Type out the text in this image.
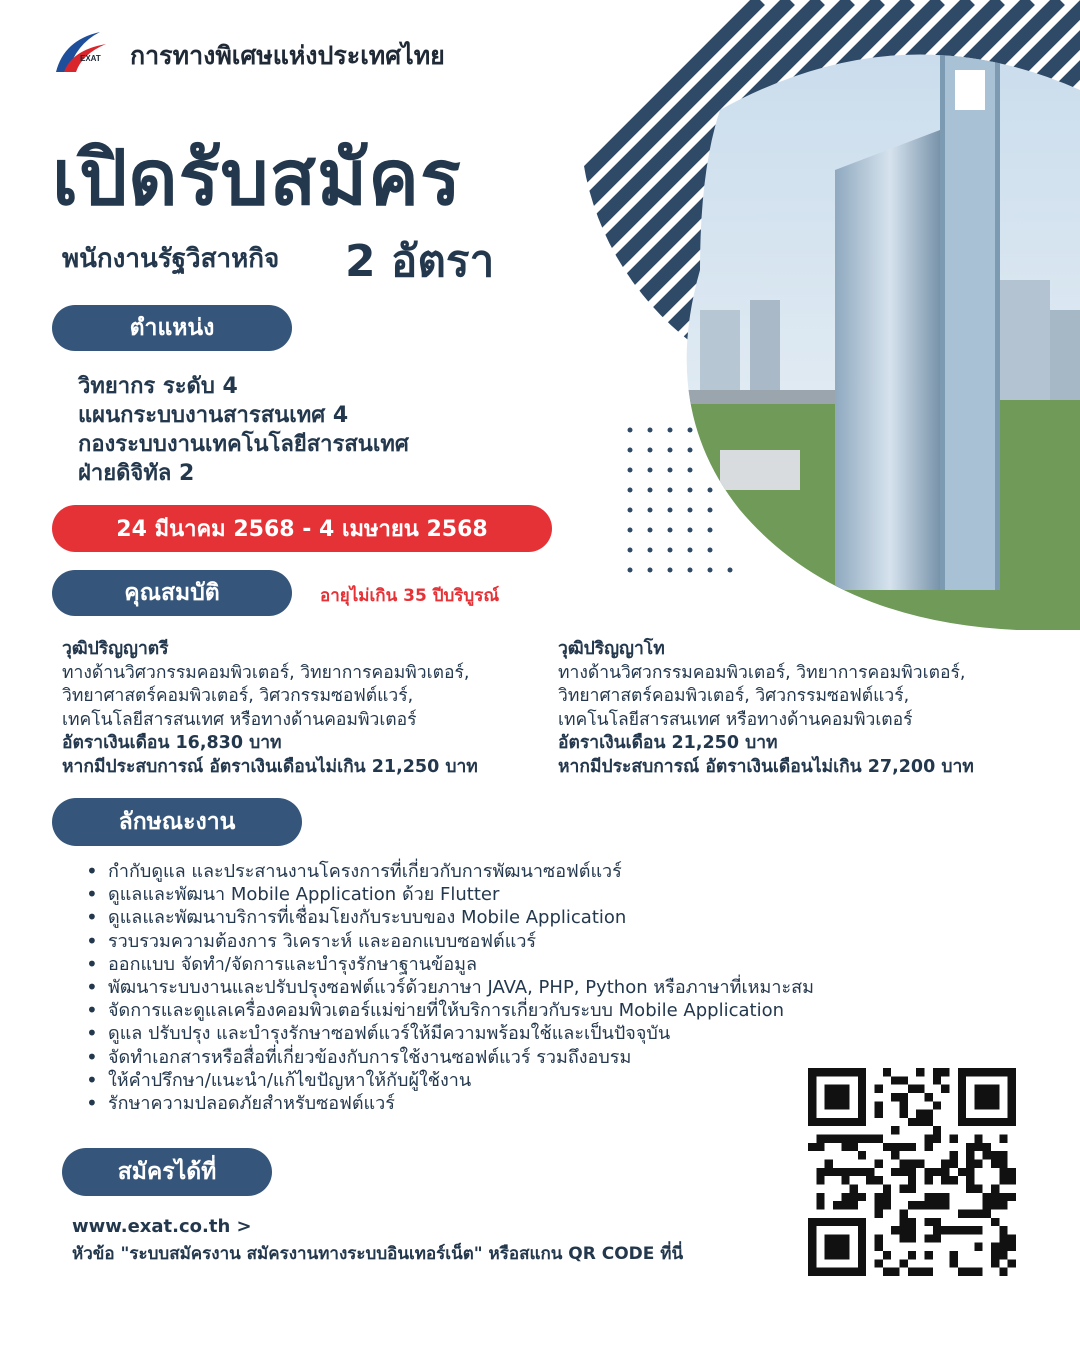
EXAT การทางพิเศษแห่งประเทศไทย
เปิดรับสมัคร
พนักงานรัฐวิสาหกิจ 2 อัตรา
ตำแหน่ง
วิทยากร ระดับ 4
แผนกระบบงานสารสนเทศ 4
กองระบบงานเทคโนโลยีสารสนเทศ
ฝ่ายดิจิทัล 2
24 มีนาคม 2568 - 4 เมษายน 2568
คุณสมบัติ	อายุไม่เกิน 35 ปีบริบูรณ์
วุฒิปริญญาตรี
ทางด้านวิศวกรรมคอมพิวเตอร์, วิทยาการคอมพิวเตอร์,
วิทยาศาสตร์คอมพิวเตอร์, วิศวกรรมซอฟต์แวร์,
เทคโนโลยีสารสนเทศ หรือทางด้านคอมพิวเตอร์
อัตราเงินเดือน 16,830 บาท
หากมีประสบการณ์ อัตราเงินเดือนไม่เกิน 21,250 บาท
วุฒิปริญญาโท
ทางด้านวิศวกรรมคอมพิวเตอร์, วิทยาการคอมพิวเตอร์,
วิทยาศาสตร์คอมพิวเตอร์, วิศวกรรมซอฟต์แวร์,
เทคโนโลยีสารสนเทศ หรือทางด้านคอมพิวเตอร์
อัตราเงินเดือน 21,250 บาท
หากมีประสบการณ์ อัตราเงินเดือนไม่เกิน 27,200 บาท
ลักษณะงาน
• กำกับดูแล และประสานงานโครงการที่เกี่ยวกับการพัฒนาซอฟต์แวร์
• ดูแลและพัฒนา Mobile Application ด้วย Flutter
• ดูแลและพัฒนาบริการที่เชื่อมโยงกับระบบของ Mobile Application
• รวบรวมความต้องการ วิเคราะห์ และออกแบบซอฟต์แวร์
• ออกแบบ จัดทำ/จัดการและบำรุงรักษาฐานข้อมูล
• พัฒนาระบบงานและปรับปรุงซอฟต์แวร์ด้วยภาษา JAVA, PHP, Python หรือภาษาที่เหมาะสม
• จัดการและดูแลเครื่องคอมพิวเตอร์แม่ข่ายที่ให้บริการเกี่ยวกับระบบ Mobile Application
• ดูแล ปรับปรุง และบำรุงรักษาซอฟต์แวร์ให้มีความพร้อมใช้และเป็นปัจจุบัน
• จัดทำเอกสารหรือสื่อที่เกี่ยวข้องกับการใช้งานซอฟต์แวร์ รวมถึงอบรม
• ให้คำปรึกษา/แนะนำ/แก้ไขปัญหาให้กับผู้ใช้งาน
• รักษาความปลอดภัยสำหรับซอฟต์แวร์
สมัครได้ที่
www.exat.co.th >
หัวข้อ "ระบบสมัครงาน สมัครงานทางระบบอินเทอร์เน็ต" หรือสแกน QR CODE ที่นี่
